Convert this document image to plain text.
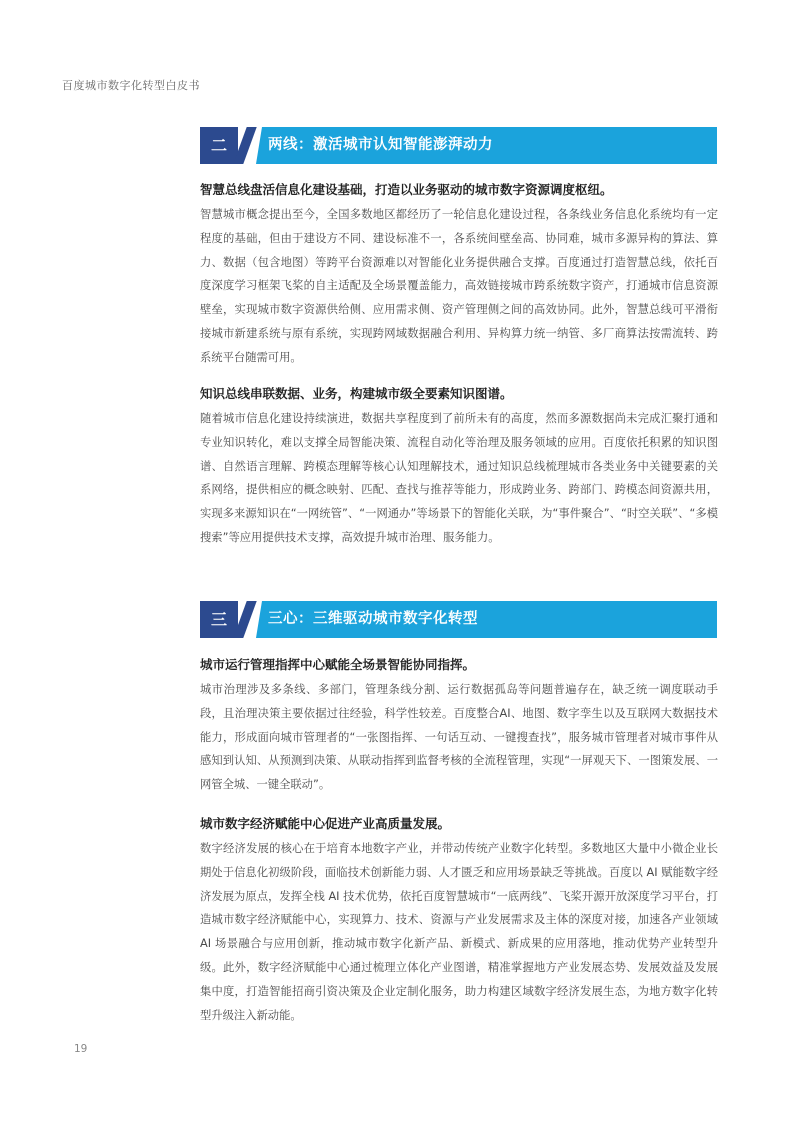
百度城市数字化转型白皮书
二	两线：激活城市认知智能澎湃动力

智慧总线盘活信息化建设基础，打造以业务驱动的城市数字资源调度枢纽。

智慧城市概念提出至今，全国多数地区都经历了一轮信息化建设过程，各条线业务信息化系统均有一定程度的基础，但由于建设方不同、建设标准不一，各系统间壁垒高、协同难，城市多源异构的算法、算力、数据（包含地图）等跨平台资源难以对智能化业务提供融合支撑。百度通过打造智慧总线，依托百度深度学习框架飞桨的自主适配及全场景覆盖能力，高效链接城市跨系统数字资产，打通城市信息资源壁垒，实现城市数字资源供给侧、应用需求侧、资产管理侧之间的高效协同。此外，智慧总线可平滑衔接城市新建系统与原有系统，实现跨网域数据融合利用、异构算力统一纳管、多厂商算法按需流转、跨系统平台随需可用。

知识总线串联数据、业务，构建城市级全要素知识图谱。

随着城市信息化建设持续演进，数据共享程度到了前所未有的高度，然而多源数据尚未完成汇聚打通和专业知识转化，难以支撑全局智能决策、流程自动化等治理及服务领域的应用。百度依托积累的知识图谱、自然语言理解、跨模态理解等核心认知理解技术，通过知识总线梳理城市各类业务中关键要素的关系网络，提供相应的概念映射、匹配、查找与推荐等能力，形成跨业务、跨部门、跨模态间资源共用，实现多来源知识在“一网统管”、“一网通办”等场景下的智能化关联，为“事件聚合”、“时空关联”、“多模搜索”等应用提供技术支撑，高效提升城市治理、服务能力。

三	三心：三维驱动城市数字化转型

城市运行管理指挥中心赋能全场景智能协同指挥。

城市治理涉及多条线、多部门，管理条线分割、运行数据孤岛等问题普遍存在，缺乏统一调度联动手段，且治理决策主要依据过往经验，科学性较差。百度整合AI、地图、数字孪生以及互联网大数据技术能力，形成面向城市管理者的“一张图指挥、一句话互动、一键搜查找”，服务城市管理者对城市事件从感知到认知、从预测到决策、从联动指挥到监督考核的全流程管理，实现“一屏观天下、一图策发展、一网管全城、一键全联动”。

城市数字经济赋能中心促进产业高质量发展。

数字经济发展的核心在于培育本地数字产业，并带动传统产业数字化转型。多数地区大量中小微企业长期处于信息化初级阶段，面临技术创新能力弱、人才匮乏和应用场景缺乏等挑战。百度以 AI 赋能数字经济发展为原点，发挥全栈 AI 技术优势，依托百度智慧城市“一底两线”、飞桨开源开放深度学习平台，打造城市数字经济赋能中心，实现算力、技术、资源与产业发展需求及主体的深度对接，加速各产业领域 AI 场景融合与应用创新，推动城市数字化新产品、新模式、新成果的应用落地，推动优势产业转型升级。此外，数字经济赋能中心通过梳理立体化产业图谱，精准掌握地方产业发展态势、发展效益及发展集中度，打造智能招商引资决策及企业定制化服务，助力构建区域数字经济发展生态，为地方数字化转型升级注入新动能。

19
